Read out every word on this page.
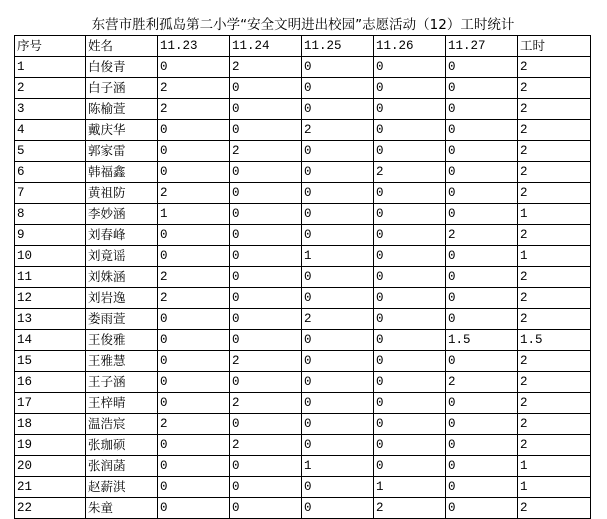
东营市胜利孤岛第二小学“安全文明进出校园”志愿活动（12）工时统计
序号	姓名	11.23	11.24	11.25	11.26	11.27	工时
1	白俊青	0	2	0	0	0	2
2	白子涵	2	0	0	0	0	2
3	陈榆萱	2	0	0	0	0	2
4	戴庆华	0	0	2	0	0	2
5	郭家雷	0	2	0	0	0	2
6	韩福鑫	0	0	0	2	0	2
7	黄祖防	2	0	0	0	0	2
8	李妙涵	1	0	0	0	0	1
9	刘春峰	0	0	0	0	2	2
10	刘竟谣	0	0	1	0	0	1
11	刘姝涵	2	0	0	0	0	2
12	刘岩逸	2	0	0	0	0	2
13	娄雨萱	0	0	2	0	0	2
14	王俊雅	0	0	0	0	1.5	1.5
15	王雅慧	0	2	0	0	0	2
16	王子涵	0	0	0	0	2	2
17	王梓晴	0	2	0	0	0	2
18	温浩宸	2	0	0	0	0	2
19	张珈硕	0	2	0	0	0	2
20	张润菡	0	0	1	0	0	1
21	赵薪淇	0	0	0	1	0	1
22	朱童	0	0	0	2	0	2
